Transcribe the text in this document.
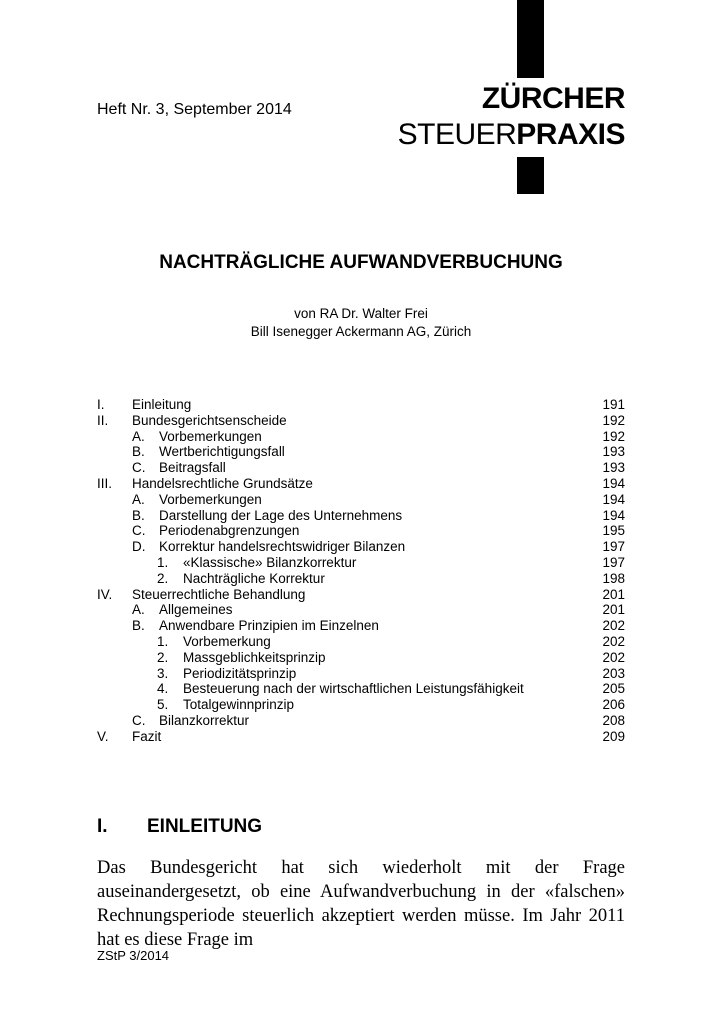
Heft Nr. 3, September 2014	ZÜRCHER
STEUERPRAXIS
NACHTRÄGLICHE AUFWANDVERBUCHUNG
von RA Dr. Walter Frei
Bill Isenegger Ackermann AG, Zürich
I. Einleitung	191
II. Bundesgerichtsenscheide	192
A. Vorbemerkungen	192
B. Wertberichtigungsfall	193
C. Beitragsfall	193
III. Handelsrechtliche Grundsätze	194
A. Vorbemerkungen	194
B. Darstellung der Lage des Unternehmens	194
C. Periodenabgrenzungen	195
D. Korrektur handelsrechtswidriger Bilanzen	197
1. «Klassische» Bilanzkorrektur	197
2. Nachträgliche Korrektur	198
IV. Steuerrechtliche Behandlung	201
A. Allgemeines	201
B. Anwendbare Prinzipien im Einzelnen	202
1. Vorbemerkung	202
2. Massgeblichkeitsprinzip	202
3. Periodizitätsprinzip	203
4. Besteuerung nach der wirtschaftlichen Leistungsfähigkeit	205
5. Totalgewinnprinzip	206
C. Bilanzkorrektur	208
V. Fazit	209
I. EINLEITUNG
Das Bundesgericht hat sich wiederholt mit der Frage auseinandergesetzt, ob eine Aufwandverbuchung in der «falschen» Rechnungsperiode steuerlich akzeptiert werden müsse. Im Jahr 2011 hat es diese Frage im
ZStP 3/2014
